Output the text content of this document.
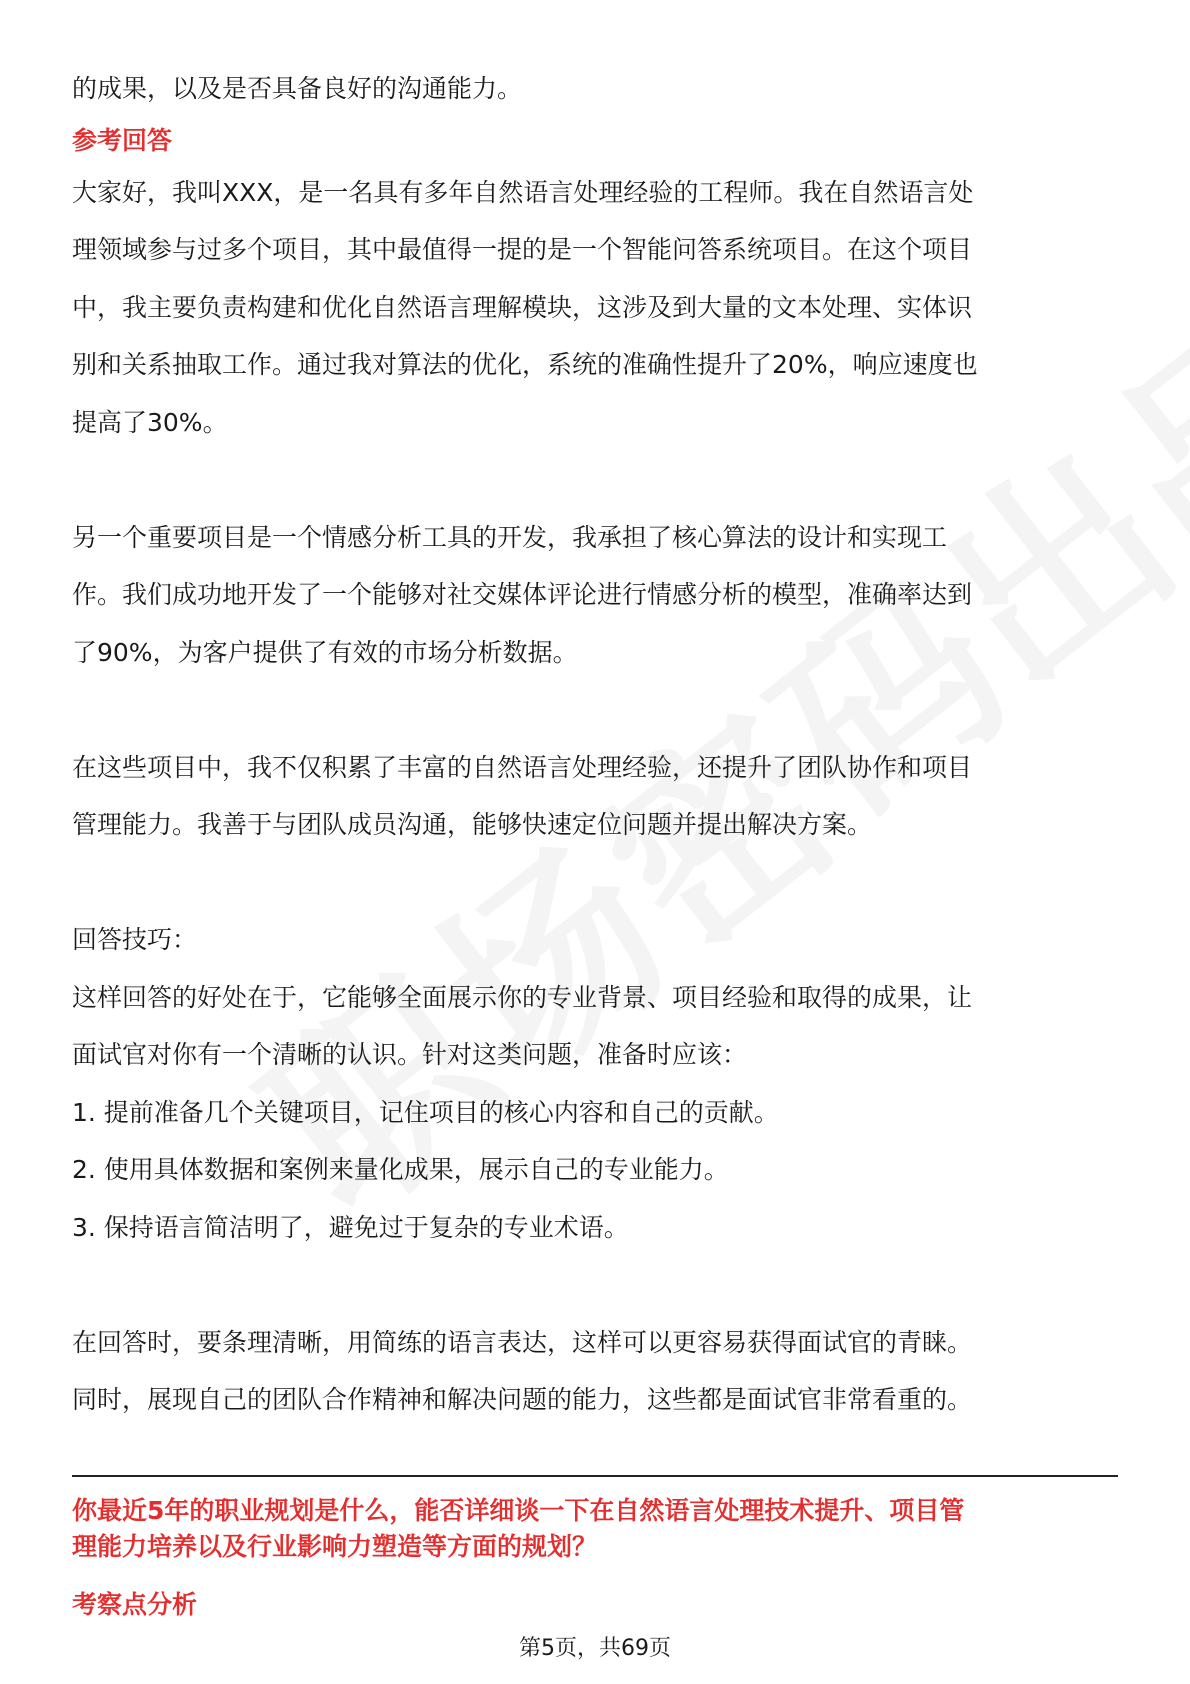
的成果，以及是否具备良好的沟通能力。
参考回答
大家好，我叫XXX，是一名具有多年自然语言处理经验的工程师。我在自然语言处
理领域参与过多个项目，其中最值得一提的是一个智能问答系统项目。在这个项目
中，我主要负责构建和优化自然语言理解模块，这涉及到大量的文本处理、实体识
别和关系抽取工作。通过我对算法的优化，系统的准确性提升了20%，响应速度也
提高了30%。
另一个重要项目是一个情感分析工具的开发，我承担了核心算法的设计和实现工
作。我们成功地开发了一个能够对社交媒体评论进行情感分析的模型，准确率达到
了90%，为客户提供了有效的市场分析数据。
在这些项目中，我不仅积累了丰富的自然语言处理经验，还提升了团队协作和项目
管理能力。我善于与团队成员沟通，能够快速定位问题并提出解决方案。
回答技巧：
这样回答的好处在于，它能够全面展示你的专业背景、项目经验和取得的成果，让
面试官对你有一个清晰的认识。针对这类问题，准备时应该：
1. 提前准备几个关键项目，记住项目的核心内容和自己的贡献。
2. 使用具体数据和案例来量化成果，展示自己的专业能力。
3. 保持语言简洁明了，避免过于复杂的专业术语。
在回答时，要条理清晰，用简练的语言表达，这样可以更容易获得面试官的青睐。
同时，展现自己的团队合作精神和解决问题的能力，这些都是面试官非常看重的。
你最近5年的职业规划是什么，能否详细谈一下在自然语言处理技术提升、项目管
理能力培养以及行业影响力塑造等方面的规划？
考察点分析
第5页，共69页
